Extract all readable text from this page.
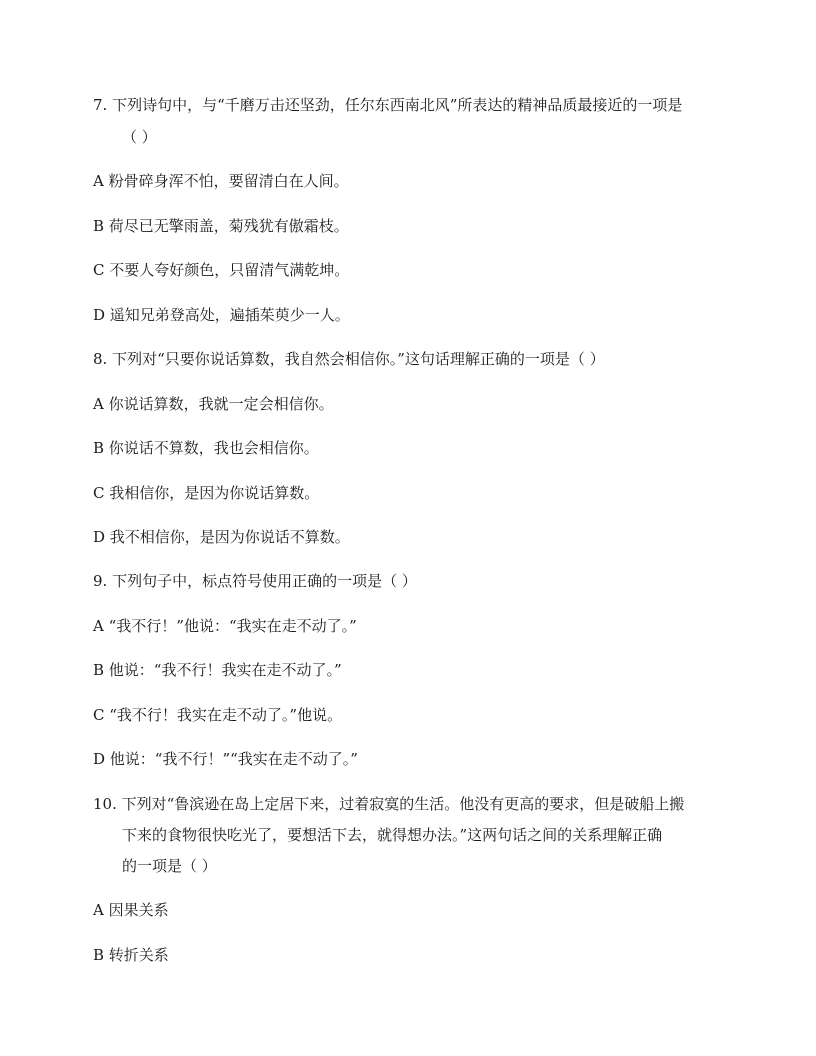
7. 下列诗句中，与“千磨万击还坚劲，任尔东西南北风”所表达的精神品质最接近的一项是
（ ）
A 粉骨碎身浑不怕，要留清白在人间。
B 荷尽已无擎雨盖，菊残犹有傲霜枝。
C 不要人夸好颜色，只留清气满乾坤。
D 遥知兄弟登高处，遍插茱萸少一人。
8. 下列对“只要你说话算数，我自然会相信你。”这句话理解正确的一项是（ ）
A 你说话算数，我就一定会相信你。
B 你说话不算数，我也会相信你。
C 我相信你，是因为你说话算数。
D 我不相信你，是因为你说话不算数。
9. 下列句子中，标点符号使用正确的一项是（ ）
A “我不行！”他说：“我实在走不动了。”
B 他说：“我不行！我实在走不动了。”
C “我不行！我实在走不动了。”他说。
D 他说：“我不行！”“我实在走不动了。”
10. 下列对“鲁滨逊在岛上定居下来，过着寂寞的生活。他没有更高的要求，但是破船上搬
下来的食物很快吃光了，要想活下去，就得想办法。”这两句话之间的关系理解正确
的一项是（ ）
A 因果关系
B 转折关系
